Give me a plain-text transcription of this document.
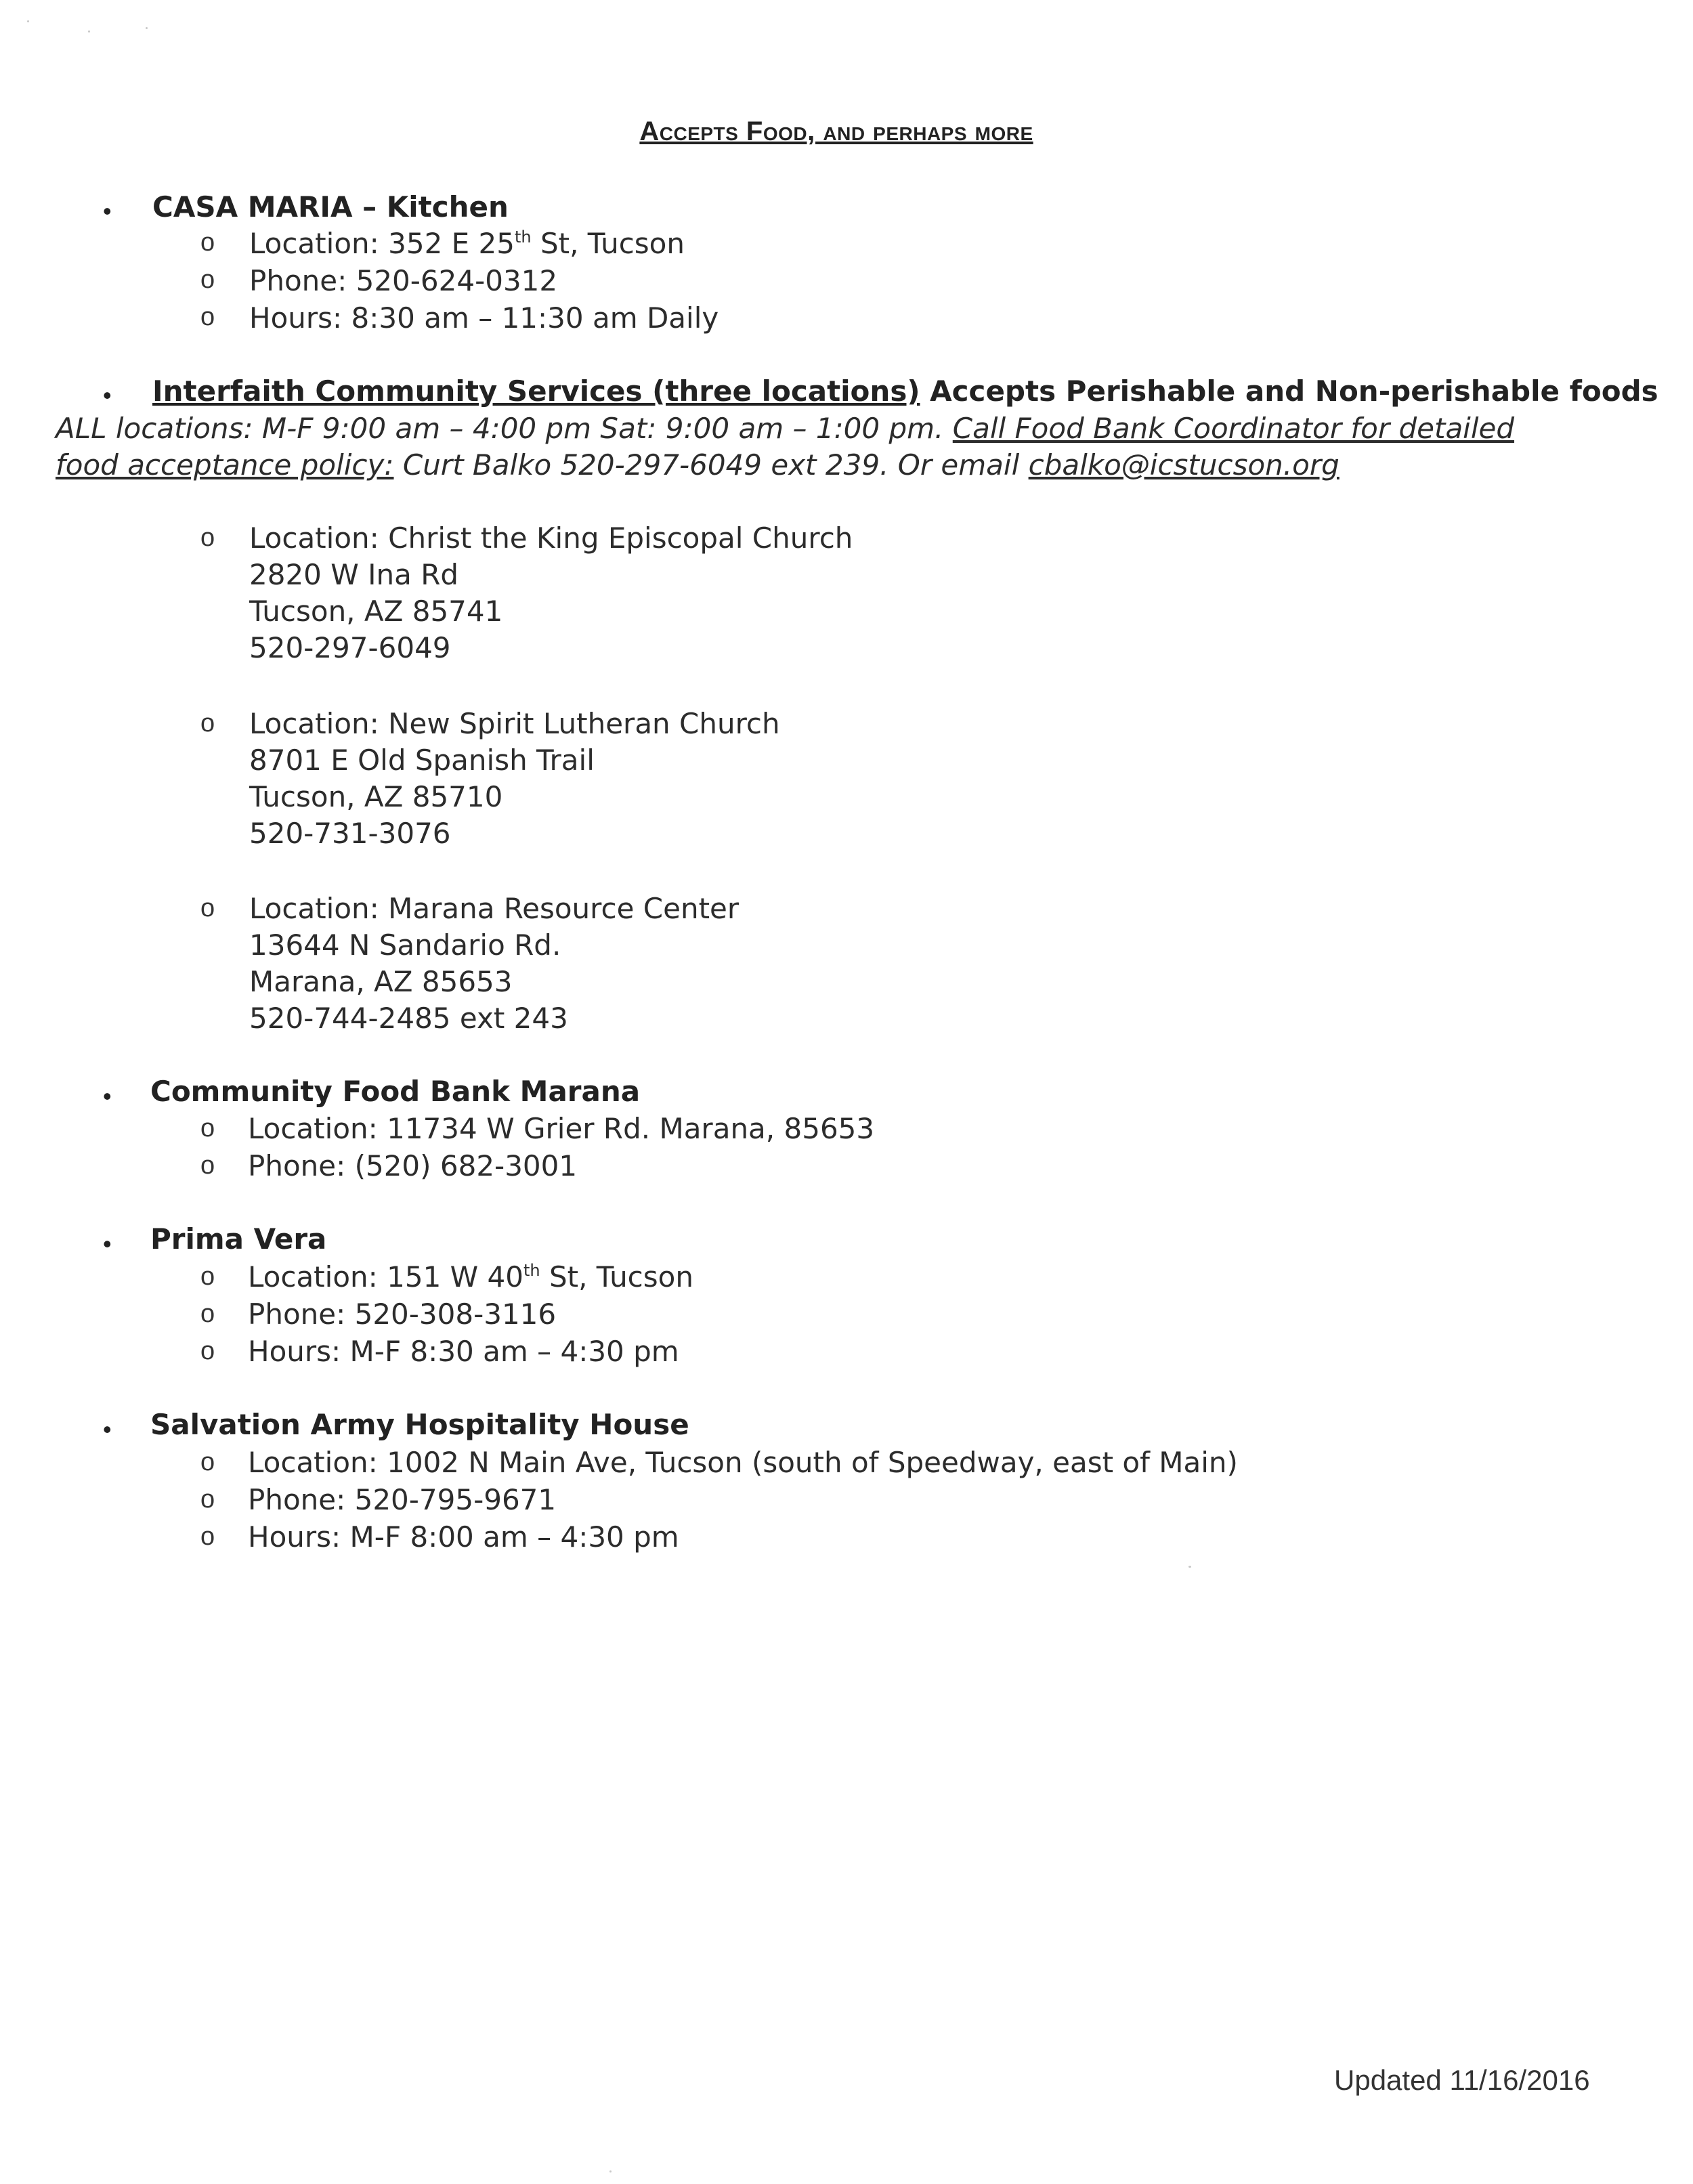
Accepts Food, and perhaps more
• CASA MARIA – Kitchen
o Location: 352 E 25th St, Tucson
o Phone: 520-624-0312
o Hours: 8:30 am – 11:30 am Daily
• Interfaith Community Services (three locations) Accepts Perishable and Non-perishable foods
ALL locations: M-F 9:00 am – 4:00 pm Sat: 9:00 am – 1:00 pm. Call Food Bank Coordinator for detailed
food acceptance policy: Curt Balko 520-297-6049 ext 239. Or email cbalko@icstucson.org
o Location: Christ the King Episcopal Church
2820 W Ina Rd
Tucson, AZ 85741
520-297-6049
o Location: New Spirit Lutheran Church
8701 E Old Spanish Trail
Tucson, AZ 85710
520-731-3076
o Location: Marana Resource Center
13644 N Sandario Rd.
Marana, AZ 85653
520-744-2485 ext 243
• Community Food Bank Marana
o Location: 11734 W Grier Rd. Marana, 85653
o Phone: (520) 682-3001
• Prima Vera
o Location: 151 W 40th St, Tucson
o Phone: 520-308-3116
o Hours: M-F 8:30 am – 4:30 pm
• Salvation Army Hospitality House
o Location: 1002 N Main Ave, Tucson (south of Speedway, east of Main)
o Phone: 520-795-9671
o Hours: M-F 8:00 am – 4:30 pm
Updated 11/16/2016
